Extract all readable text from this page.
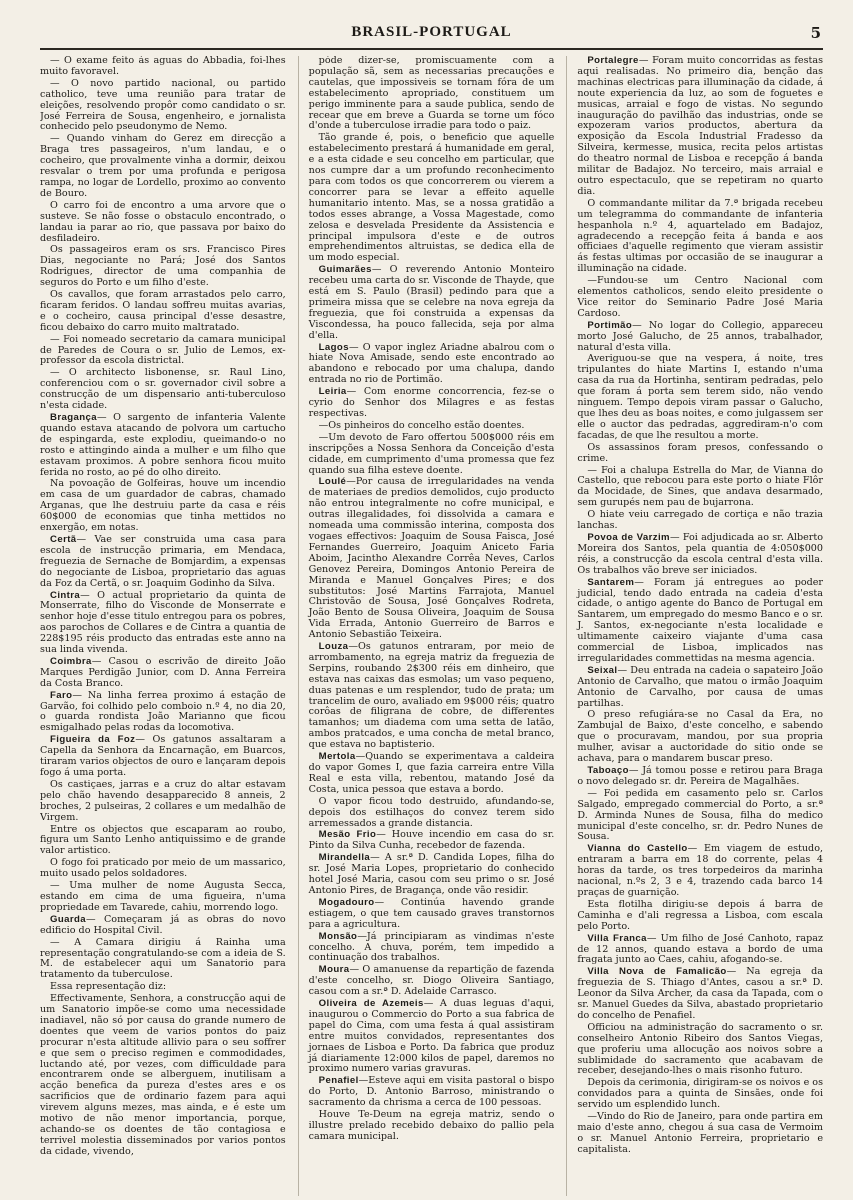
BRASIL-PORTUGAL	5

— O exame feito ás aguas do Abbadia, foi-lhes muito favoravel.

— O novo partido nacional, ou partido catholico, teve uma reunião para tratar de eleições, resolvendo propôr como candidato o sr. José Ferreira de Sousa, engenheiro, e jornalista conhecido pelo pseudonymo de Nemo.

— Quando vinham do Gerez em direcção a Braga tres passageiros, n'um landau, e o cocheiro, que provalmente vinha a dormir, deixou resvalar o trem por uma profunda e perigosa rampa, no logar de Lordello, proximo ao convento de Bouro.

O carro foi de encontro a uma arvore que o susteve. Se não fosse o obstaculo encontrado, o landau ia parar ao rio, que passava por baixo do desfiladeiro.

Os passageiros eram os srs. Francisco Pires Dias, negociante no Pará; José dos Santos Rodrigues, director de uma companhia de seguros do Porto e um filho d'este.

Os cavallos, que foram arrastados pelo carro, ficaram feridos. O landau soffreu muitas avarias, e o cocheiro, causa principal d'esse desastre, ficou debaixo do carro muito maltratado.

— Foi nomeado secretario da camara municipal de Paredes de Coura o sr. Julio de Lemos, ex-professor da escola districtal.

— O architecto lisbonense, sr. Raul Lino, conferenciou com o sr. governador civil sobre a construcção de um dispensario anti-tuberculoso n'esta cidade.

Bragança— O sargento de infanteria Valente quando estava atacando de polvora um cartucho de espingarda, este explodiu, queimando-o no rosto e attingindo ainda a mulher e um filho que estavam proximos. A pobre senhora ficou muito ferida no rosto, ao pé do olho direito.

Na povoação de Golfeiras, houve um incendio em casa de um guardador de cabras, chamado Arganas, que lhe destruiu parte da casa e réis 60$000 de economias que tinha mettidos no enxergão, em notas.

Certã— Vae ser construida uma casa para escola de instrucção primaria, em Mendaca, freguezia de Sernache de Bomjardim, a expensas do negociante de Lisboa, proprietario das aguas da Foz da Certã, o sr. Joaquim Godinho da Silva.

Cintra— O actual proprietario da quinta de Monserrate, filho do Visconde de Monserrate e senhor hoje d'esse titulo entregou para os pobres, aos parochos de Collares e de Cintra a quantia de 228$195 réis producto das entradas este anno na sua linda vivenda.

Coimbra— Casou o escrivão de direito João Marques Perdigão Junior, com D. Anna Ferreira da Costa Branco.

Faro— Na linha ferrea proximo á estação de Garvão, foi colhido pelo comboio n.º 4, no dia 20, o guarda rondista João Marianno que ficou esmigalhado pelas rodas da locomotiva.

Figueira da Foz— Os gatunos assaltaram a Capella da Senhora da Encarnação, em Buarcos, tiraram varios objectos de ouro e lançaram depois fogo á uma porta.

Os castiçaes, jarras e a cruz do altar estavam pelo chão havendo desapparecido 8 anneis, 2 broches, 2 pulseiras, 2 collares e um medalhão de Virgem.

Entre os objectos que escaparam ao roubo, figura um Santo Lenho antiquissimo e de grande valor artistico.

O fogo foi praticado por meio de um massarico, muito usado pelos soldadores.

— Uma mulher de nome Augusta Secca, estando em cima de uma figueira, n'uma propriedade em Tavarede, cahiu, morrendo logo.

Guarda— Começaram já as obras do novo edificio do Hospital Civil.

— A Camara dirigiu á Rainha uma representação congratulando-se com a ideia de S. M. de estabelecer aqui um Sanatorio para tratamento da tuberculose.

Essa representação diz:

Effectivamente, Senhora, a construcção aqui de um Sanatorio impõe-se como uma necessidade inadiavel, não só por causa do grande numero de doentes que veem de varios pontos do paiz procurar n'esta altitude allivio para o seu soffrer e que sem o preciso regimen e commodidades, luctando até, por vezes, com difficuldade para encontrarem onde se alberguem, inutilisam a acção benefica da pureza d'estes ares e os sacrificios que de ordinario fazem para aqui virevem alguns mezes, mas ainda, e é este um motivo de não menor importancia, porque, achando-se os doentes de tão contagiosa e terrivel molestia disseminados por varios pontos da cidade, vivendo,

póde dizer-se, promiscuamente com a população sã, sem as necessarias precauções e cautelas, que impossiveis se tornam fóra de um estabelecimento apropriado, constituem um perigo imminente para a saude publica, sendo de recear que em breve a Guarda se torne um fóco d'onde a tuberculose irradie para todo o paiz.

Tão grande é, pois, o beneficio que aquelle estabelecimento prestará á humanidade em geral, e a esta cidade e seu concelho em particular, que nos cumpre dar a um profundo reconhecimento para com todos os que concorrerem ou vierem a concorrer para se levar a effeito aquelle humanitario intento. Mas, se a nossa gratidão a todos esses abrange, a Vossa Magestade, como zelosa e desvelada Presidente da Assistencia e principal impulsora d'este e de outros emprehendimentos altruistas, se dedica ella de um modo especial.

Guimarães— O reverendo Antonio Monteiro recebeu uma carta do sr. Visconde de Thayde, que está em S. Paulo (Brasil) pedindo para que a primeira missa que se celebre na nova egreja da freguezia, que foi construida a expensas da Viscondessa, ha pouco fallecida, seja por alma d'ella.

Lagos— O vapor inglez Ariadne abalrou com o hiate Nova Amisade, sendo este encontrado ao abandono e rebocado por uma chalupa, dando entrada no rio de Portimão.

Leiria— Com enorme concorrencia, fez-se o cyrio do Senhor dos Milagres e as festas respectivas.

—Os pinheiros do concelho estão doentes.

—Um devoto de Faro offertou 500$000 réis em inscripções a Nossa Senhora da Conceição d'esta cidade, em cumprimento d'uma promessa que fez quando sua filha esteve doente.

Loulé—Por causa de irregularidades na venda de materiaes de predios demolidos, cujo producto não entrou integralmente no cofre municipal, e outras illegalidades, foi dissolvida a camara e nomeada uma commissão interina, composta dos vogaes effectivos: Joaquim de Sousa Faisca, José Fernandes Guerreiro, Joaquim Aniceto Faria Aboim, Jacintho Alexandre Corrêa Neves, Carlos Genovez Pereira, Domingos Antonio Pereira de Miranda e Manuel Gonçalves Pires; e dos substitutos: José Martins Farrajota, Manuel Christovão de Sousa, José Gonçalves Rodreta, João Bento de Sousa Oliveira, Joaquim de Sousa Vida Errada, Antonio Guerreiro de Barros e Antonio Sebastião Teixeira.

Louza—Os gatunos entraram, por meio de arrombamento, na egreja matriz da freguezia de Serpins, roubando 2$300 réis em dinheiro, que estava nas caixas das esmolas; um vaso pequeno, duas patenas e um resplendor, tudo de prata; um trancelim de ouro, avaliado em 9$000 réis; quatro corôas de filigrana de cobre, de differentes tamanhos; um diadema com uma setta de latão, ambos pratcados, e uma concha de metal branco, que estava no baptisterio.

Mertola—Quando se experimentava a caldeira do vapor Gomes I, que fazia carreira entre Villa Real e esta villa, rebentou, matando José da Costa, unica pessoa que estava a bordo.

O vapor ficou todo destruido, afundando-se, depois dos estilhaços do convez terem sido arremessados a grande distancia.

Mesão Frio— Houve incendio em casa do sr. Pinto da Silva Cunha, recebedor de fazenda.

Mirandella— A sr.ª D. Candida Lopes, filha do sr. José Maria Lopes, proprietario do conhecido hotel José Maria, casou com seu primo o sr. José Antonio Pires, de Bragança, onde vão residir.

Mogadouro— Continúa havendo grande estiagem, o que tem causado graves transtornos para a agricultura.

Monsão—Já principiaram as vindimas n'este concelho. A chuva, porém, tem impedido a continuação dos trabalhos.

Moura— O amanuense da repartição de fazenda d'este concelho, sr. Diogo Oliveira Santiago, casou com a sr.ª D. Adelaide Carrasco.

Oliveira de Azemeis— A duas leguas d'aqui, inaugurou o Commercio do Porto a sua fabrica de papel do Cima, com uma festa á qual assistiram entre muitos convidados, representantes dos jornaes de Lisboa e Porto. Da fabrica que produz já diariamente 12:000 kilos de papel, daremos no proximo numero varias gravuras.

Penafiel—Esteve aqui em visita pastoral o bispo do Porto, D. Antonio Barroso, ministrando o sacramento da chrisma a cerca de 100 pessoas.

Houve Te-Deum na egreja matriz, sendo o illustre prelado recebido debaixo do pallio pela camara municipal.

Portalegre— Foram muito concorridas as festas aqui realisadas. No primeiro dia, benção das machinas electricas para illuminação da cidade, á noute experiencia da luz, ao som de foguetes e musicas, arraial e fogo de vistas. No segundo inauguração do pavilhão das industrias, onde se expozeram varios productos, abertura da exposição da Escola Industrial Fradesso da Silveira, kermesse, musica, recita pelos artistas do theatro normal de Lisboa e recepção á banda militar de Badajoz. No terceiro, mais arraial e outro espectaculo, que se repetiram no quarto dia.

O commandante militar da 7.ª brigada recebeu um telegramma do commandante de infanteria hespanhola n.º 4, aquartelado em Badajoz, agradecendo a recepção feita á banda e aos officiaes d'aquelle regimento que vieram assistir ás festas ultimas por occasião de se inaugurar a illuminação na cidade.

—Fundou-se um Centro Nacional com elementos catholicos, sendo eleito presidente o Vice reitor do Seminario Padre José Maria Cardoso.

Portimão— No logar do Collegio, appareceu morto José Galucho, de 25 annos, trabalhador, natural d'esta villa.

Averiguou-se que na vespera, á noite, tres tripulantes do hiate Martins I, estando n'uma casa da rua da Hortinha, sentiram pedradas, pelo que foram á porta sem terem sido, não vendo ninguem. Tempo depois viram passar o Galucho, que lhes deu as boas noites, e como julgassem ser elle o auctor das pedradas, aggrediram-n'o com facadas, de que lhe resultou a morte.

Os assassinos foram presos, confessando o crime.

— Foi a chalupa Estrella do Mar, de Vianna do Castello, que rebocou para este porto o hiate Flôr da Mocidade, de Sines, que andava desarmado, sem gurupés nem pau de bujarrona.

O hiate veiu carregado de cortiça e não trazia lanchas.

Povoa de Varzim— Foi adjudicada ao sr. Alberto Moreira dos Santos, pela quantia de 4:050$000 réis, a construcção da escola central d'esta villa. Os trabalhos vão breve ser iniciados.

Santarem— Foram já entregues ao poder judicial, tendo dado entrada na cadeia d'esta cidade, o antigo agente do Banco de Portugal em Santarem, um empregado do mesmo Banco e o sr. J. Santos, ex-negociante n'esta localidade e ultimamente caixeiro viajante d'uma casa commercial de Lisboa, implicados nas irregularidades commettidas na mesma agencia.

Seixal— Deu entrada na cadeia o sapateiro João Antonio de Carvalho, que matou o irmão Joaquim Antonio de Carvalho, por causa de umas partilhas.

O preso refugiára-se no Casal da Era, no Zambujal de Baixo, d'este concelho, e sabendo que o procuravam, mandou, por sua propria mulher, avisar a auctoridade do sitio onde se achava, para o mandarem buscar preso.

Taboaço— Já tomou posse e retirou para Braga o novo delegado sr. dr. Pereira de Magalhães.

— Foi pedida em casamento pelo sr. Carlos Salgado, empregado commercial do Porto, a sr.ª D. Arminda Nunes de Sousa, filha do medico municipal d'este concelho, sr. dr. Pedro Nunes de Sousa.

Vianna do Castello— Em viagem de estudo, entraram a barra em 18 do corrente, pelas 4 horas da tarde, os tres torpedeiros da marinha nacional, n.ºs 2, 3 e 4, trazendo cada barco 14 praças de guarnição.

Esta flotilha dirigiu-se depois á barra de Caminha e d'ali regressa a Lisboa, com escala pelo Porto.

Villa Franca— Um filho de José Canhoto, rapaz de 12 annos, quando estava a bordo de uma fragata junto ao Caes, cahiu, afogando-se.

Villa Nova de Famalicão— Na egreja da freguezia de S. Thiago d'Antes, casou a sr.ª D. Leonor da Silva Archer, da casa da Tapada, com o sr. Manuel Guedes da Silva, abastado proprietario do concelho de Penafiel.

Officiou na administração do sacramento o sr. conselheiro Antonio Ribeiro dos Santos Viegas, que proferiu uma allocução aos noivos sobre a sublimidade do sacramento que acabavam de receber, desejando-lhes o mais risonho futuro.

Depois da cerimonia, dirigiram-se os noivos e os convidados para a quinta de Sinsães, onde foi servido um esplendido lunch.

—Vindo do Rio de Janeiro, para onde partira em maio d'este anno, chegou á sua casa de Vermoim o sr. Manuel Antonio Ferreira, proprietario e capitalista.
